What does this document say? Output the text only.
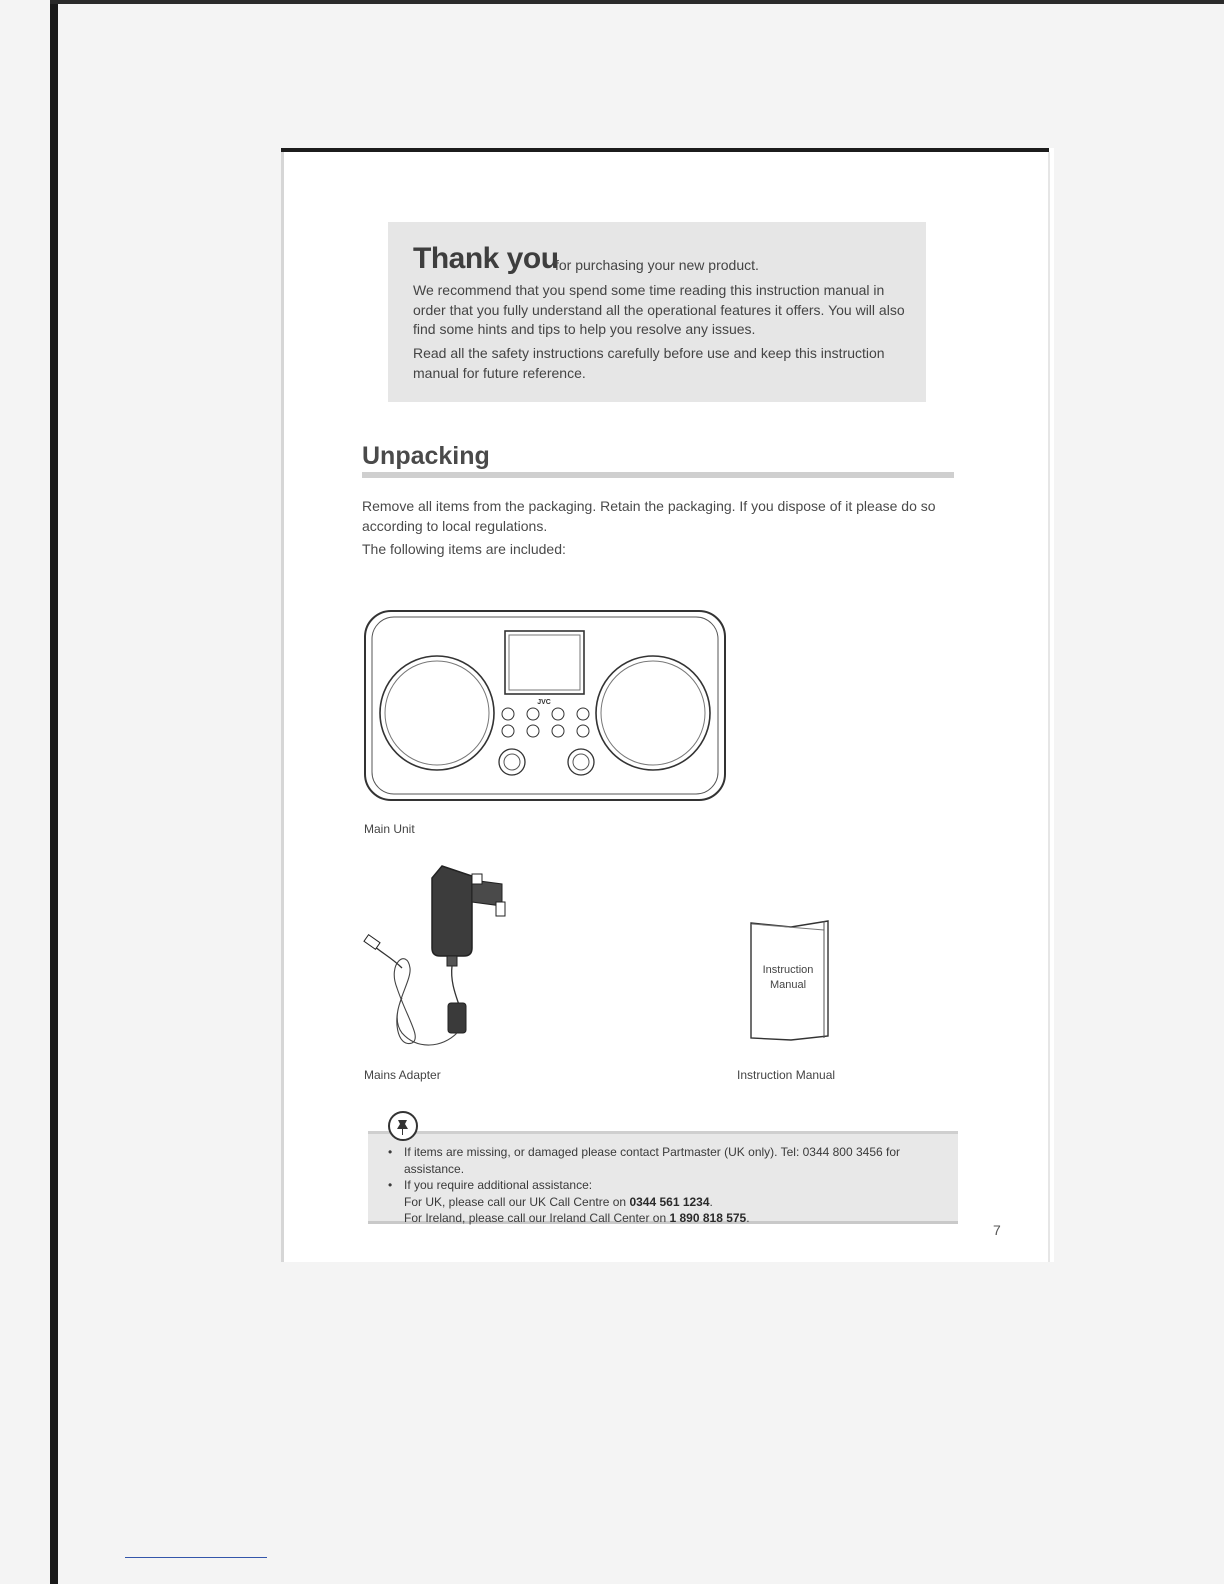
Thank you
for purchasing your new product.
We recommend that you spend some time reading this instruction manual in order that you fully understand all the operational features it offers. You will also find some hints and tips to help you resolve any issues.
Read all the safety instructions carefully before use and keep this instruction manual for future reference.
Unpacking
Remove all items from the packaging. Retain the packaging. If you dispose of it please do so according to local regulations.
The following items are included:
JVC
Main Unit
Mains Adapter
Instruction
Manual
Instruction Manual
• If items are missing, or damaged please contact Partmaster (UK only). Tel: 0344 800 3456 for assistance.
• If you require additional assistance:
For UK, please call our UK Call Centre on 0344 561 1234.
For Ireland, please call our Ireland Call Center on 1 890 818 575.
7
